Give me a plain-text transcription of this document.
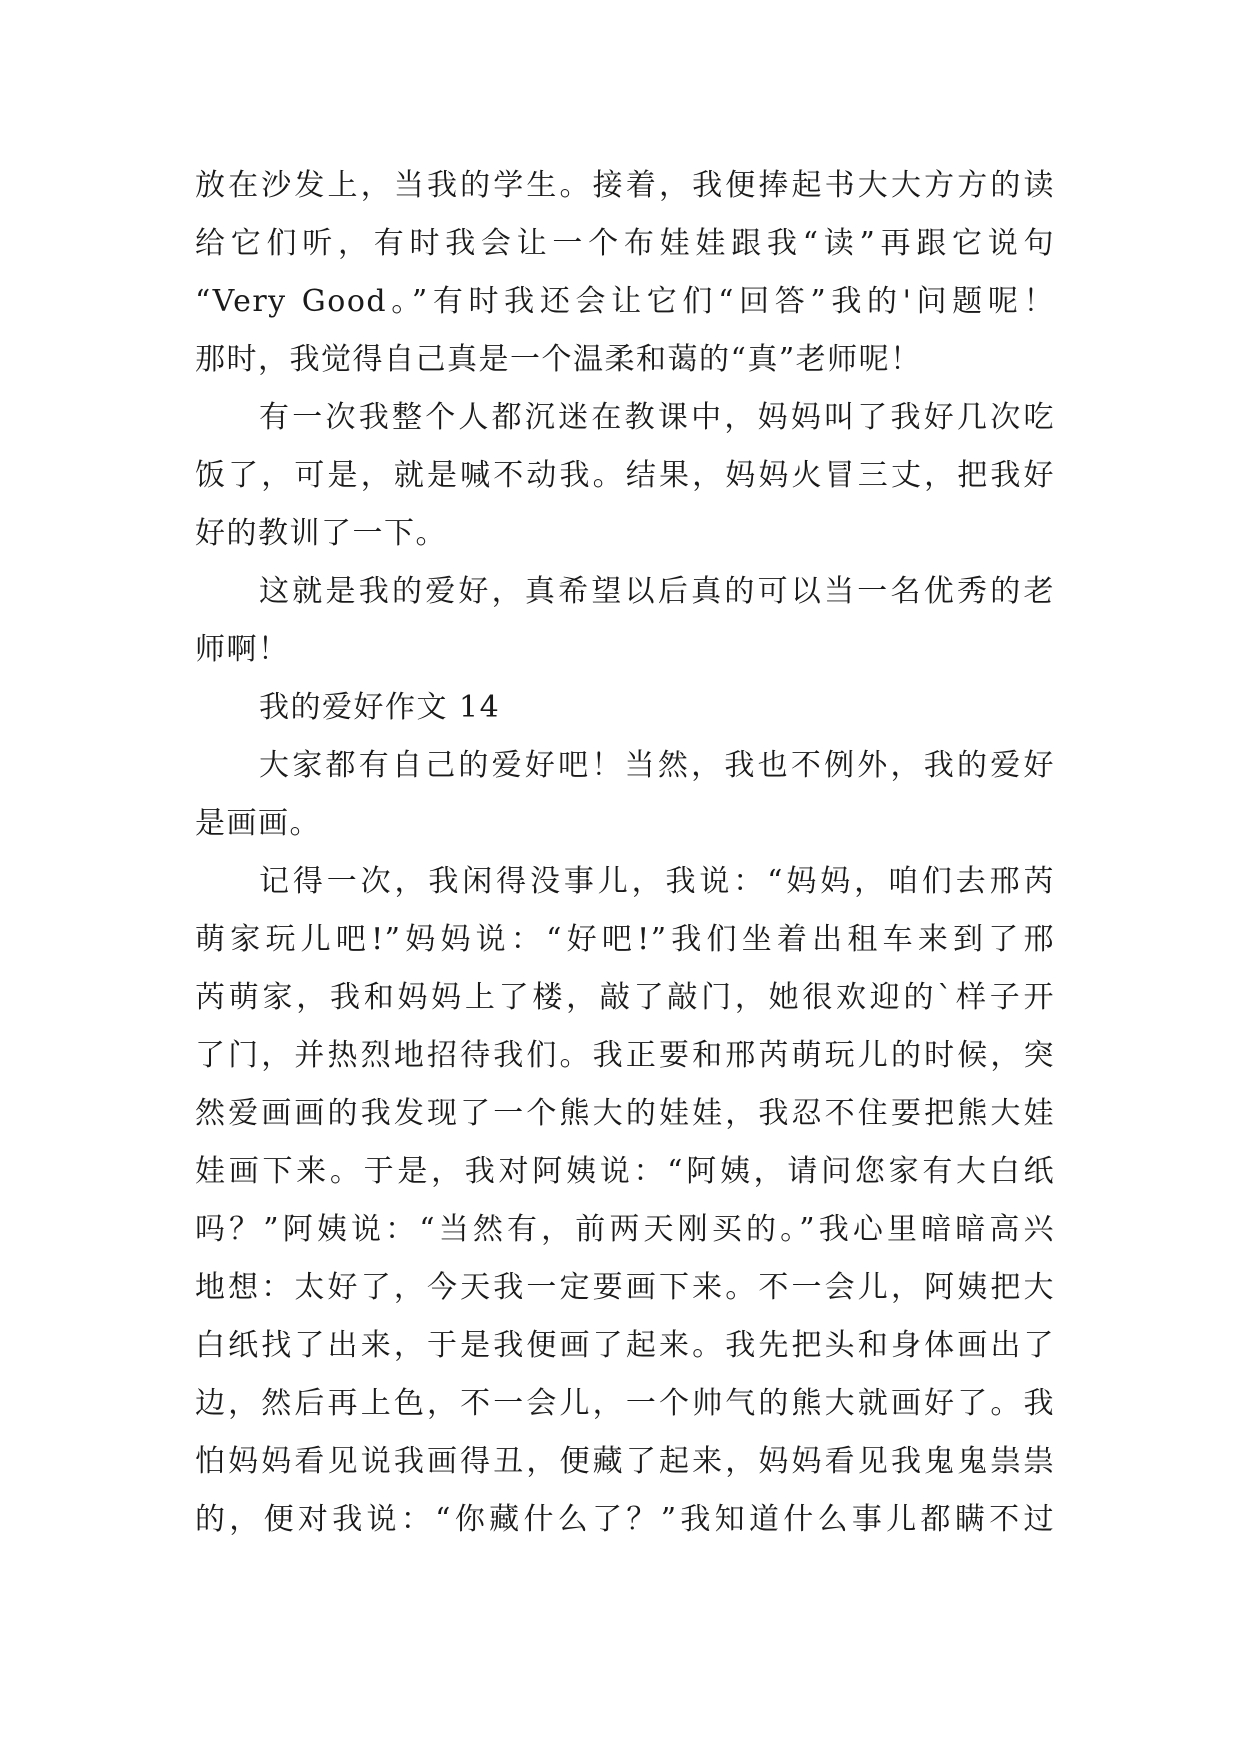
放在沙发上，当我的学生。接着，我便捧起书大大方方的读
给它们听，有时我会让一个布娃娃跟我“读”再跟它说句
“Very Good。”有时我还会让它们“回答”我的'问题呢！
那时，我觉得自己真是一个温柔和蔼的“真”老师呢！
有一次我整个人都沉迷在教课中，妈妈叫了我好几次吃
饭了，可是，就是喊不动我。结果，妈妈火冒三丈，把我好
好的教训了一下。
这就是我的爱好，真希望以后真的可以当一名优秀的老
师啊！
我的爱好作文 14
大家都有自己的爱好吧！当然，我也不例外，我的爱好
是画画。
记得一次，我闲得没事儿，我说：“妈妈，咱们去邢芮
萌家玩儿吧!”妈妈说：“好吧!”我们坐着出租车来到了邢
芮萌家，我和妈妈上了楼，敲了敲门，她很欢迎的`样子开
了门，并热烈地招待我们。我正要和邢芮萌玩儿的时候，突
然爱画画的我发现了一个熊大的娃娃，我忍不住要把熊大娃
娃画下来。于是，我对阿姨说：“阿姨，请问您家有大白纸
吗？”阿姨说：“当然有，前两天刚买的。”我心里暗暗高兴
地想：太好了，今天我一定要画下来。不一会儿，阿姨把大
白纸找了出来，于是我便画了起来。我先把头和身体画出了
边，然后再上色，不一会儿，一个帅气的熊大就画好了。我
怕妈妈看见说我画得丑，便藏了起来，妈妈看见我鬼鬼祟祟
的，便对我说：“你藏什么了？”我知道什么事儿都瞒不过
